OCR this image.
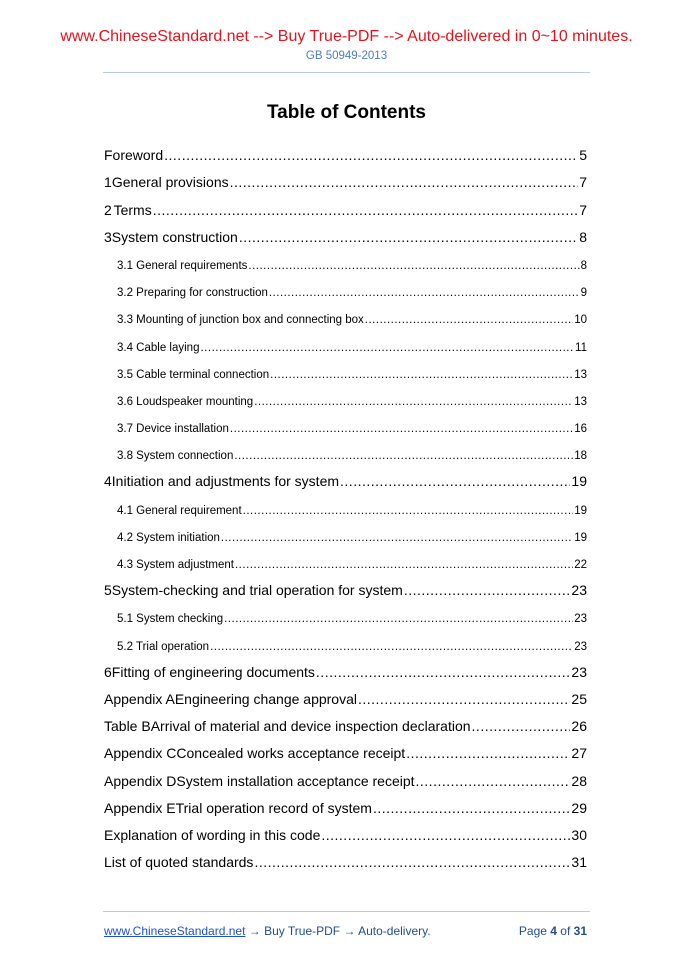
www.ChineseStandard.net --> Buy True-PDF --> Auto-delivered in 0~10 minutes.
GB 50949-2013
Table of Contents
Foreword .....	5
1 General provisions .....	7
2 Terms .....	7
3 System construction .....	8
3.1 General requirements .....	8
3.2 Preparing for construction .....	9
3.3 Mounting of junction box and connecting box .....	10
3.4 Cable laying .....	11
3.5 Cable terminal connection .....	13
3.6 Loudspeaker mounting .....	13
3.7 Device installation .....	16
3.8 System connection .....	18
4 Initiation and adjustments for system .....	19
4.1 General requirement .....	19
4.2 System initiation .....	19
4.3 System adjustment .....	22
5 System-checking and trial operation for system .....	23
5.1 System checking .....	23
5.2 Trial operation .....	23
6 Fitting of engineering documents .....	23
Appendix A Engineering change approval .....	25
Table B Arrival of material and device inspection declaration .....	26
Appendix C Concealed works acceptance receipt .....	27
Appendix D System installation acceptance receipt .....	28
Appendix E Trial operation record of system .....	29
Explanation of wording in this code .....	30
List of quoted standards .....	31
www.ChineseStandard.net → Buy True-PDF → Auto-delivery.	Page 4 of 31
